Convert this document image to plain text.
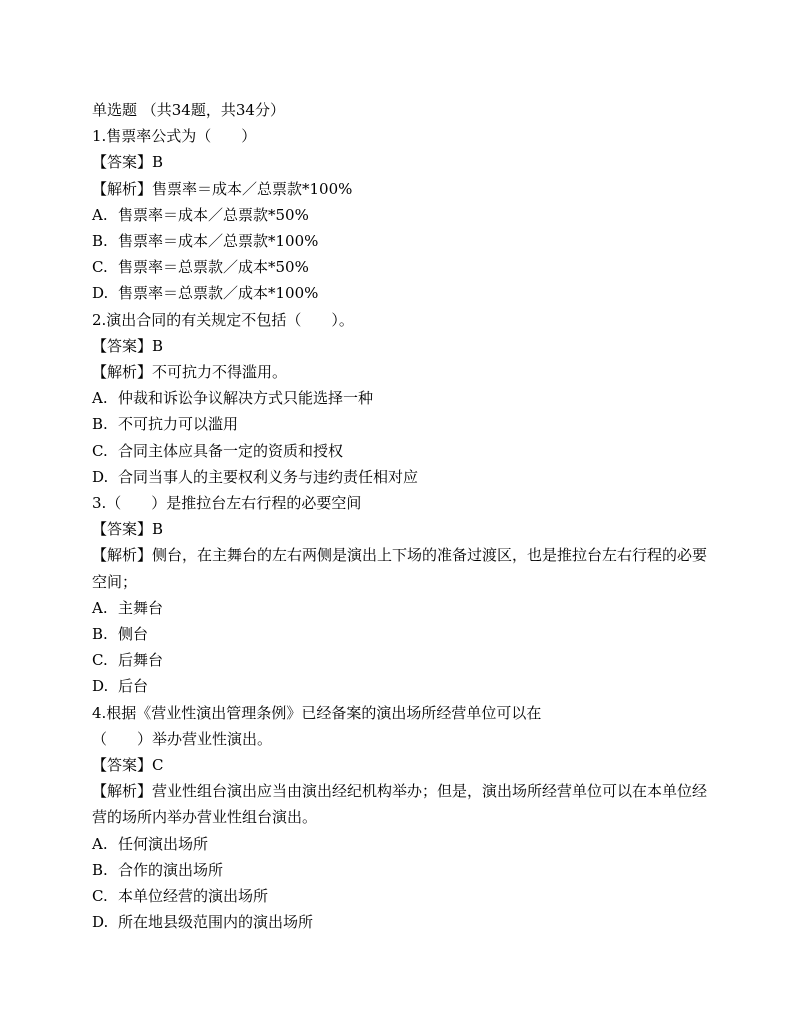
单选题 （共34题，共34分）
1.售票率公式为（　　）
【答案】B
【解析】售票率＝成本／总票款*100%
A. 售票率＝成本／总票款*50%
B. 售票率＝成本／总票款*100%
C. 售票率＝总票款／成本*50%
D. 售票率＝总票款／成本*100%
2.演出合同的有关规定不包括（　　）。
【答案】B
【解析】不可抗力不得滥用。
A. 仲裁和诉讼争议解决方式只能选择一种
B. 不可抗力可以滥用
C. 合同主体应具备一定的资质和授权
D. 合同当事人的主要权利义务与违约责任相对应
3.（　　）是推拉台左右行程的必要空间
【答案】B
【解析】侧台，在主舞台的左右两侧是演出上下场的准备过渡区，也是推拉台左右行程的必要空间；
A. 主舞台
B. 侧台
C. 后舞台
D. 后台
4.根据《营业性演出管理条例》已经备案的演出场所经营单位可以在（　　）举办营业性演出。
【答案】C
【解析】营业性组台演出应当由演出经纪机构举办；但是，演出场所经营单位可以在本单位经营的场所内举办营业性组台演出。
A. 任何演出场所
B. 合作的演出场所
C. 本单位经营的演出场所
D. 所在地县级范围内的演出场所
